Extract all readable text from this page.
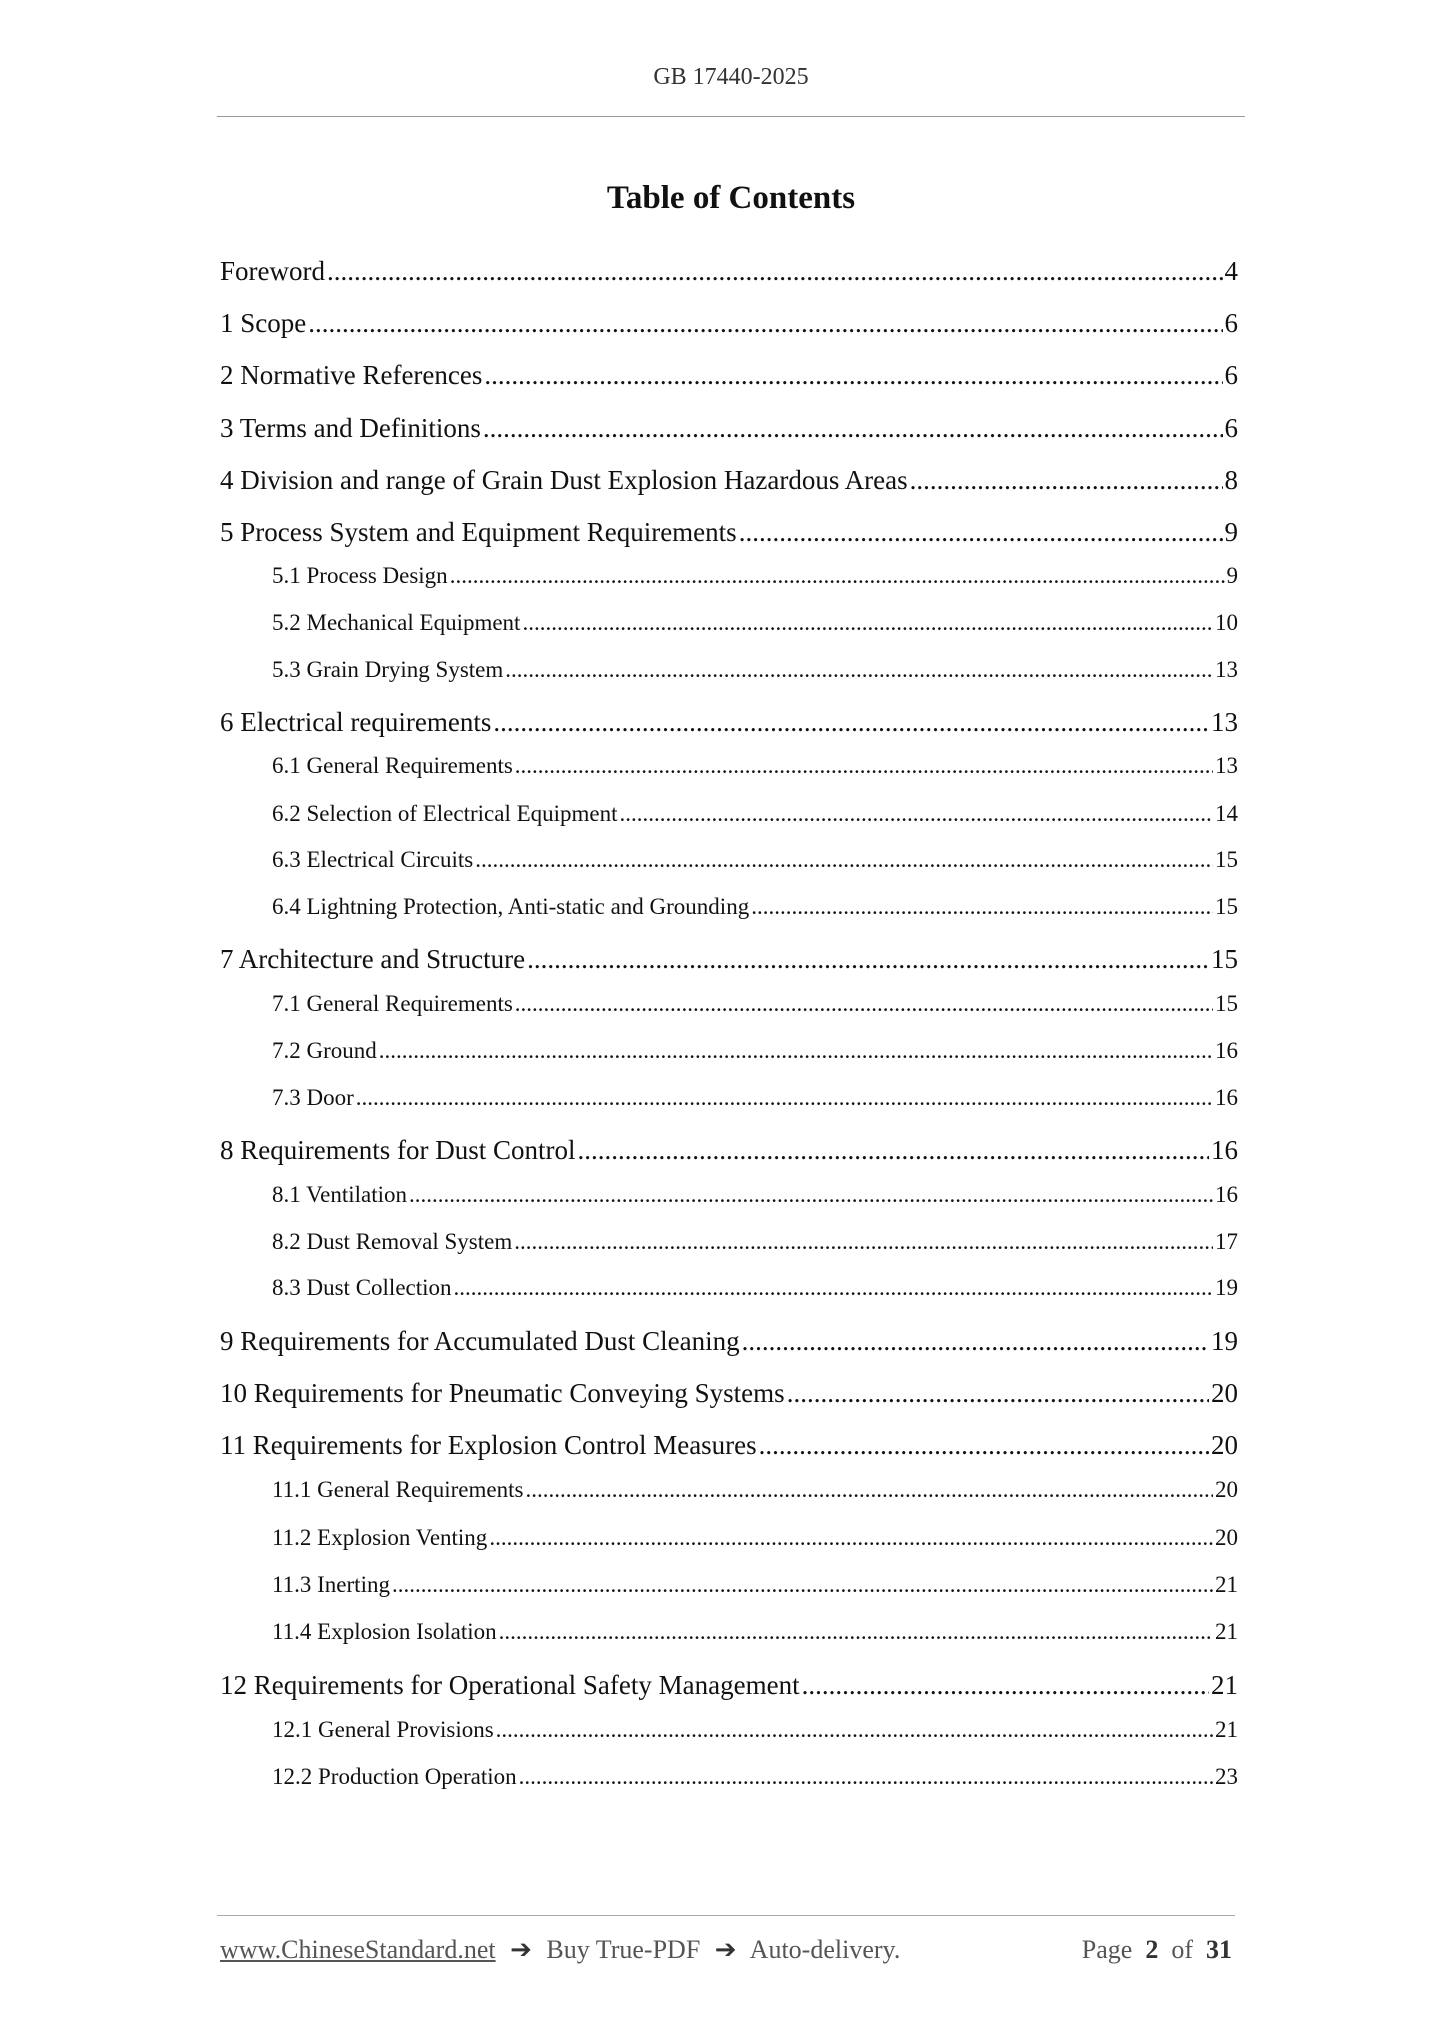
GB 17440-2025
Table of Contents
Foreword .....	4
1 Scope .....	6
2 Normative References .....	6
3 Terms and Definitions .....	6
4 Division and range of Grain Dust Explosion Hazardous Areas .....	8
5 Process System and Equipment Requirements .....	9
5.1 Process Design .....	9
5.2 Mechanical Equipment .....	10
5.3 Grain Drying System .....	13
6 Electrical requirements .....	13
6.1 General Requirements .....	13
6.2 Selection of Electrical Equipment .....	14
6.3 Electrical Circuits .....	15
6.4 Lightning Protection, Anti-static and Grounding .....	15
7 Architecture and Structure .....	15
7.1 General Requirements .....	15
7.2 Ground .....	16
7.3 Door .....	16
8 Requirements for Dust Control .....	16
8.1 Ventilation .....	16
8.2 Dust Removal System .....	17
8.3 Dust Collection .....	19
9 Requirements for Accumulated Dust Cleaning .....	19
10 Requirements for Pneumatic Conveying Systems .....	20
11 Requirements for Explosion Control Measures .....	20
11.1 General Requirements .....	20
11.2 Explosion Venting .....	20
11.3 Inerting .....	21
11.4 Explosion Isolation .....	21
12 Requirements for Operational Safety Management .....	21
12.1 General Provisions .....	21
12.2 Production Operation .....	23
www.ChineseStandard.net ➔ Buy True-PDF ➔ Auto-delivery.	Page 2 of 31
